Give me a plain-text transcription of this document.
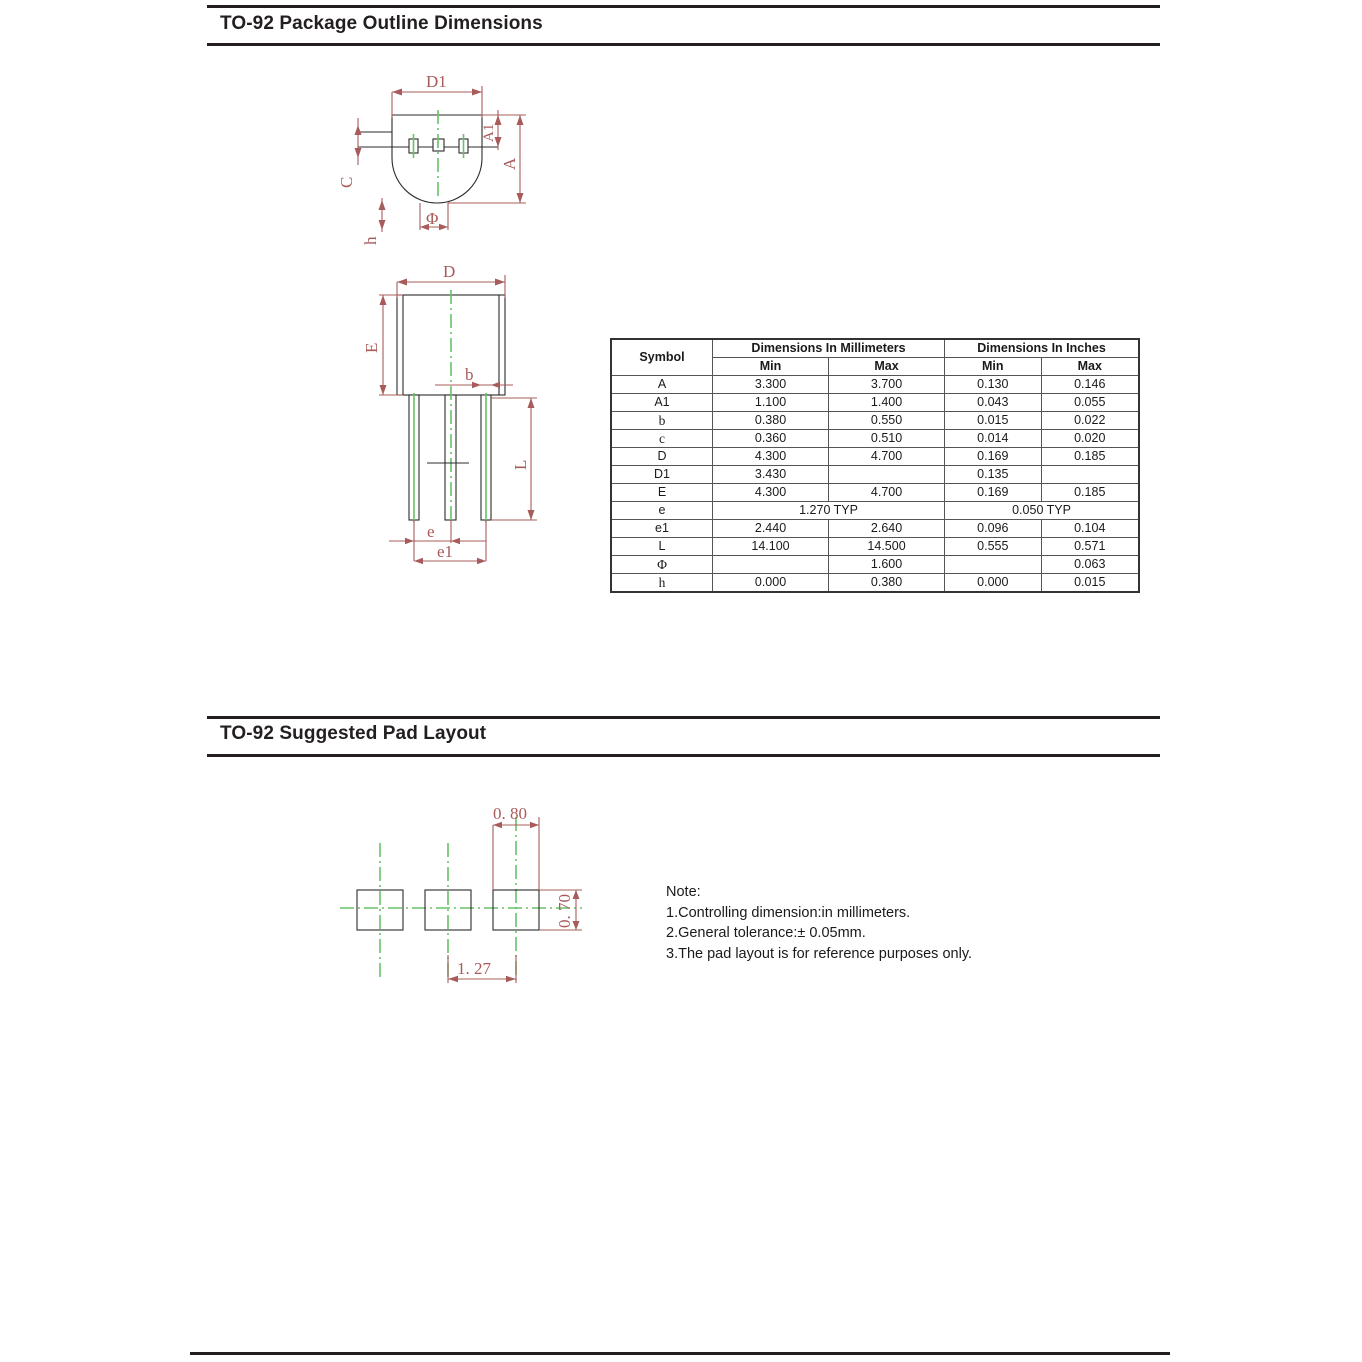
TO-92 Package Outline Dimensions
D1
A1
A
C
h
Φ
D
E
b
L
e
e1
Symbol	Dimensions In Millimeters		Dimensions In Inches	
	Min	Max	Min	Max
A	3.300	3.700	0.130	0.146
A1	1.100	1.400	0.043	0.055
b	0.380	0.550	0.015	0.022
c	0.360	0.510	0.014	0.020
D	4.300	4.700	0.169	0.185
D1	3.430		0.135	
E	4.300	4.700	0.169	0.185
e	1.270 TYP		0.050 TYP	
e1	2.440	2.640	0.096	0.104
L	14.100	14.500	0.555	0.571
Φ		1.600		0.063
h	0.000	0.380	0.000	0.015
TO-92 Suggested Pad Layout
0. 80
0. 70
1. 27
Note:
1.Controlling dimension:in millimeters.
2.General tolerance:± 0.05mm.
3.The pad layout is for reference purposes only.
